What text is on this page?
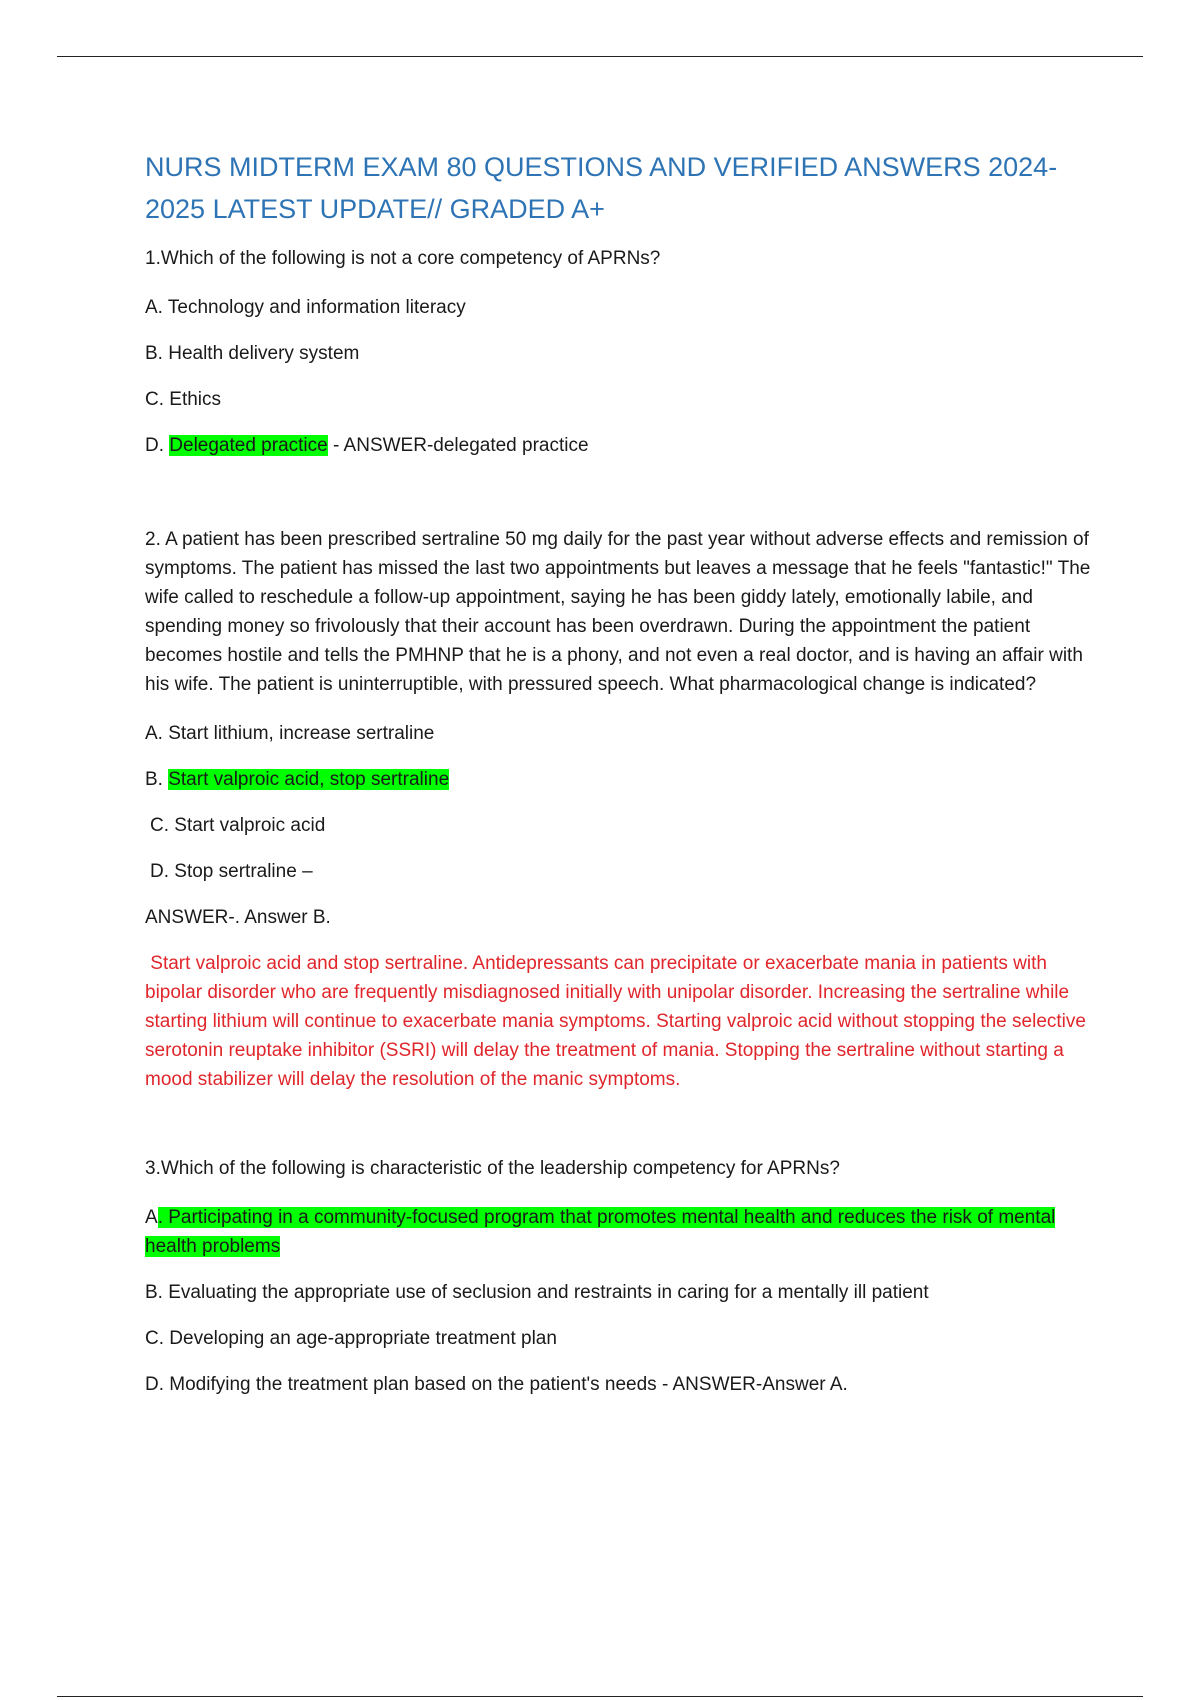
NURS MIDTERM EXAM 80 QUESTIONS AND VERIFIED ANSWERS 2024-2025 LATEST UPDATE// GRADED A+

1.Which of the following is not a core competency of APRNs?

A. Technology and information literacy

B. Health delivery system

C. Ethics

D. Delegated practice - ANSWER-delegated practice

2. A patient has been prescribed sertraline 50 mg daily for the past year without adverse effects and remission of symptoms. The patient has missed the last two appointments but leaves a message that he feels "fantastic!" The wife called to reschedule a follow-up appointment, saying he has been giddy lately, emotionally labile, and spending money so frivolously that their account has been overdrawn. During the appointment the patient becomes hostile and tells the PMHNP that he is a phony, and not even a real doctor, and is having an affair with his wife. The patient is uninterruptible, with pressured speech. What pharmacological change is indicated?

A. Start lithium, increase sertraline

B. Start valproic acid, stop sertraline

C. Start valproic acid

D. Stop sertraline –

ANSWER-. Answer B.

Start valproic acid and stop sertraline. Antidepressants can precipitate or exacerbate mania in patients with bipolar disorder who are frequently misdiagnosed initially with unipolar disorder. Increasing the sertraline while starting lithium will continue to exacerbate mania symptoms. Starting valproic acid without stopping the selective serotonin reuptake inhibitor (SSRI) will delay the treatment of mania. Stopping the sertraline without starting a mood stabilizer will delay the resolution of the manic symptoms.

3.Which of the following is characteristic of the leadership competency for APRNs?

A. Participating in a community-focused program that promotes mental health and reduces the risk of mental health problems

B. Evaluating the appropriate use of seclusion and restraints in caring for a mentally ill patient

C. Developing an age-appropriate treatment plan

D. Modifying the treatment plan based on the patient's needs - ANSWER-Answer A.
